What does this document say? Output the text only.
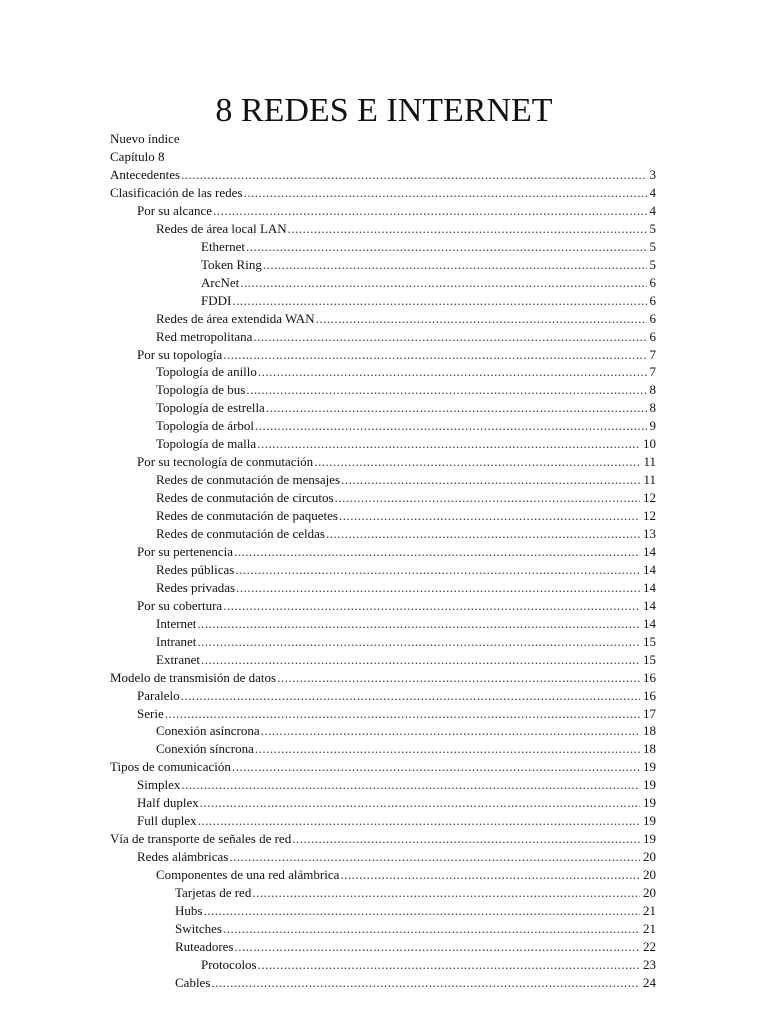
8 REDES E INTERNET
Nuevo índice
Capítulo 8
Antecedentes .....	3
Clasificación de las redes .....	4
Por su alcance .....	4
Redes de área local LAN .....	5
Ethernet .....	5
Token Ring .....	5
ArcNet .....	6
FDDI .....	6
Redes de área extendida WAN .....	6
Red metropolitana .....	6
Por su topología .....	7
Topología de anillo .....	7
Topología de bus .....	8
Topología de estrella .....	8
Topología de árbol .....	9
Topología de malla .....	10
Por su tecnología de conmutación .....	11
Redes de conmutación de mensajes .....	11
Redes de conmutación de circutos .....	12
Redes de conmutación de paquetes .....	12
Redes de conmutación de celdas .....	13
Por su pertenencia .....	14
Redes públicas .....	14
Redes privadas .....	14
Por su cobertura .....	14
Internet .....	14
Intranet .....	15
Extranet .....	15
Modelo de transmisión de datos .....	16
Paralelo .....	16
Serie .....	17
Conexión asíncrona .....	18
Conexión síncrona .....	18
Tipos de comunicación .....	19
Simplex .....	19
Half duplex .....	19
Full duplex .....	19
Vía de transporte de señales de red .....	19
Redes alámbricas .....	20
Componentes de una red alámbrica .....	20
Tarjetas de red .....	20
Hubs .....	21
Switches .....	21
Ruteadores .....	22
Protocolos .....	23
Cables .....	24
